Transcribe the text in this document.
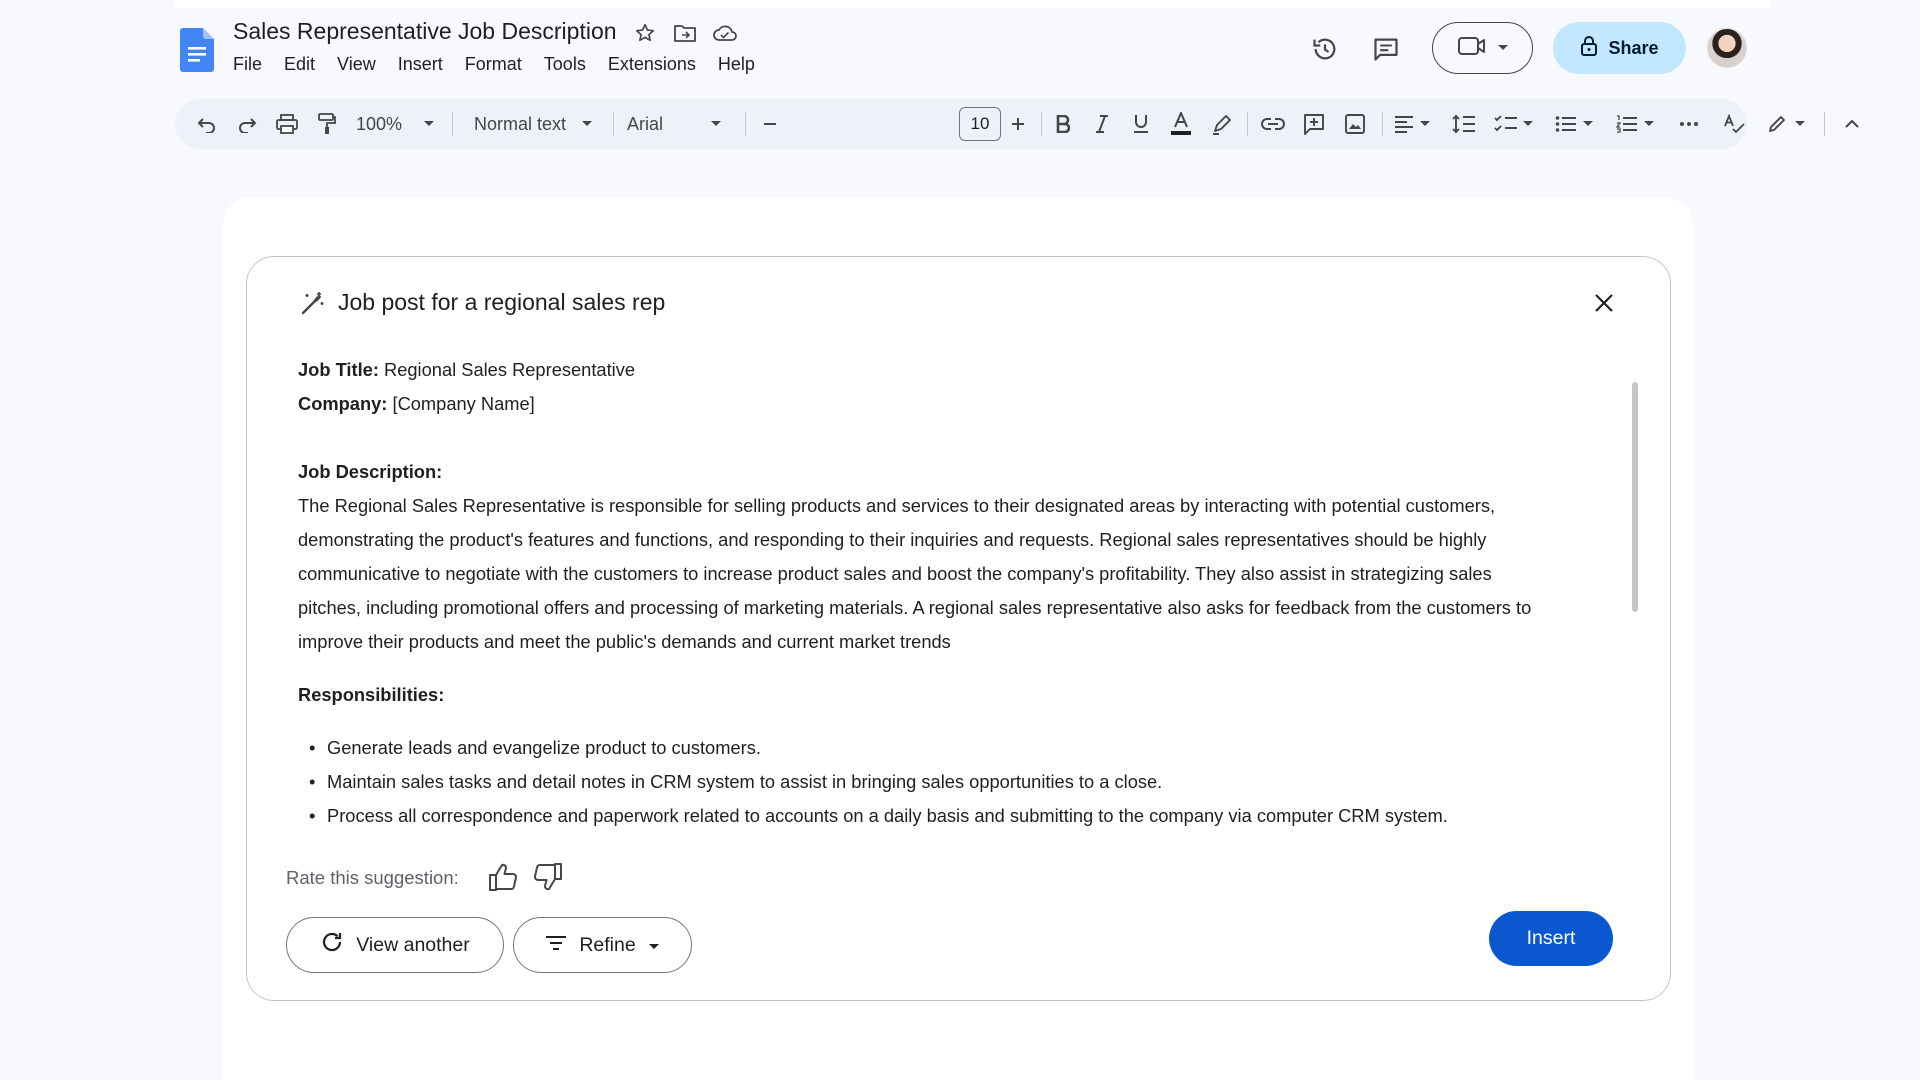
Sales Representative Job Description
File Edit View Insert Format Tools Extensions Help
Share
100%	Normal text	Arial	10
Job post for a regional sales rep
Job Title: Regional Sales Representative
Company: [Company Name]
Job Description:
The Regional Sales Representative is responsible for selling products and services to their designated areas by interacting with potential customers,
demonstrating the product's features and functions, and responding to their inquiries and requests. Regional sales representatives should be highly
communicative to negotiate with the customers to increase product sales and boost the company's profitability. They also assist in strategizing sales
pitches, including promotional offers and processing of marketing materials. A regional sales representative also asks for feedback from the customers to
improve their products and meet the public's demands and current market trends
Responsibilities:
• Generate leads and evangelize product to customers.
• Maintain sales tasks and detail notes in CRM system to assist in bringing sales opportunities to a close.
• Process all correspondence and paperwork related to accounts on a daily basis and submitting to the company via computer CRM system.
Rate this suggestion:
View another	Refine	Insert
